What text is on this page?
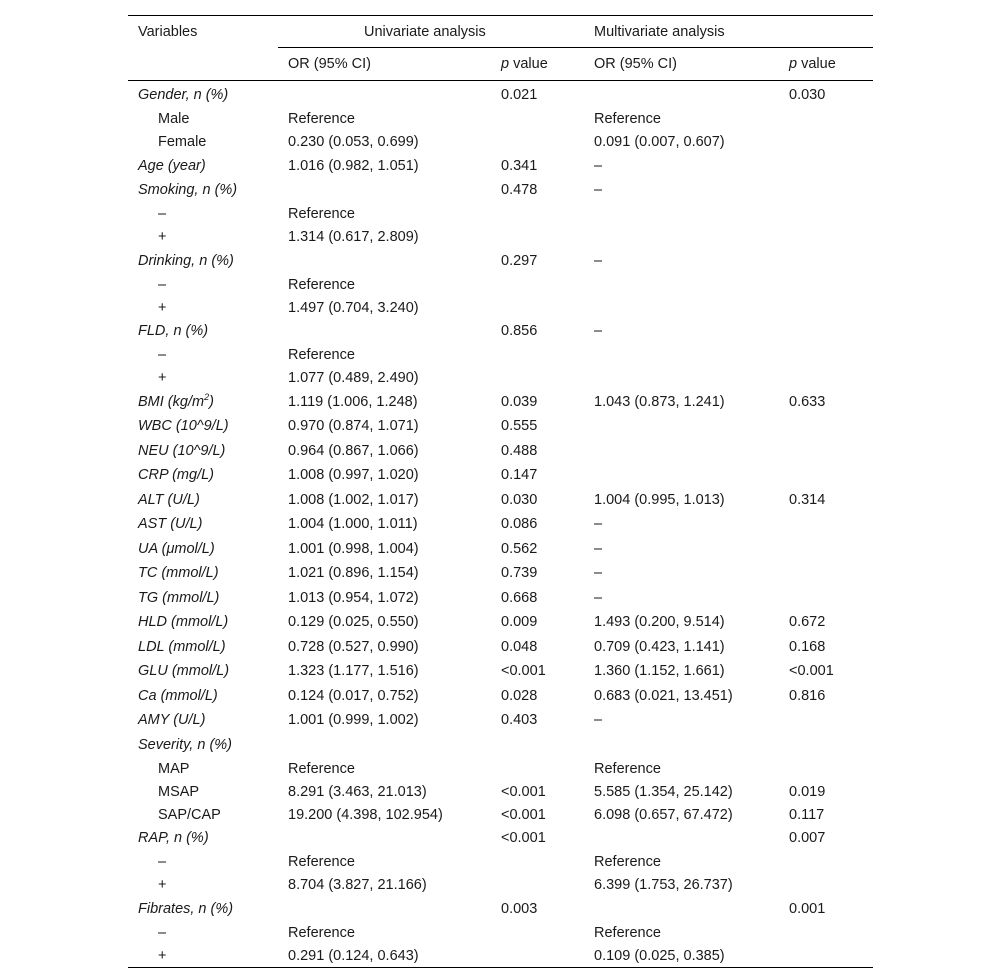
Variables	Univariate analysis		Multivariate analysis	
	OR (95% CI)	p value	OR (95% CI)	p value
Gender, n (%)		0.021		0.030
Male	Reference		Reference	
Female	0.230 (0.053, 0.699)		0.091 (0.007, 0.607)	
Age (year)	1.016 (0.982, 1.051)	0.341	–	
Smoking, n (%)		0.478	–	
–	Reference			
+	1.314 (0.617, 2.809)			
Drinking, n (%)		0.297	–	
–	Reference			
+	1.497 (0.704, 3.240)			
FLD, n (%)		0.856	–	
–	Reference			
+	1.077 (0.489, 2.490)			
BMI $(kg/m^2)$	1.119 (1.006, 1.248)	0.039	1.043 (0.873, 1.241)	0.633
WBC (10^9/L)	0.970 (0.874, 1.071)	0.555		
NEU (10^9/L)	0.964 (0.867, 1.066)	0.488		
CRP (mg/L)	1.008 (0.997, 1.020)	0.147		
ALT (U/L)	1.008 (1.002, 1.017)	0.030	1.004 (0.995, 1.013)	0.314
AST (U/L)	1.004 (1.000, 1.011)	0.086	–	
UA (μmol/L)	1.001 (0.998, 1.004)	0.562	–	
TC (mmol/L)	1.021 (0.896, 1.154)	0.739	–	
TG (mmol/L)	1.013 (0.954, 1.072)	0.668	–	
HLD (mmol/L)	0.129 (0.025, 0.550)	0.009	1.493 (0.200, 9.514)	0.672
LDL (mmol/L)	0.728 (0.527, 0.990)	0.048	0.709 (0.423, 1.141)	0.168
GLU (mmol/L)	1.323 (1.177, 1.516)	<0.001	1.360 (1.152, 1.661)	<0.001
Ca (mmol/L)	0.124 (0.017, 0.752)	0.028	0.683 (0.021, 13.451)	0.816
AMY (U/L)	1.001 (0.999, 1.002)	0.403	–	
Severity, n (%)				
MAP	Reference		Reference	
MSAP	8.291 (3.463, 21.013)	<0.001	5.585 (1.354, 25.142)	0.019
SAP/CAP	19.200 (4.398, 102.954)	<0.001	6.098 (0.657, 67.472)	0.117
RAP, n (%)		<0.001		0.007
–	Reference		Reference	
+	8.704 (3.827, 21.166)		6.399 (1.753, 26.737)	
Fibrates, n (%)		0.003		0.001
–	Reference		Reference	
+	0.291 (0.124, 0.643)		0.109 (0.025, 0.385)	
